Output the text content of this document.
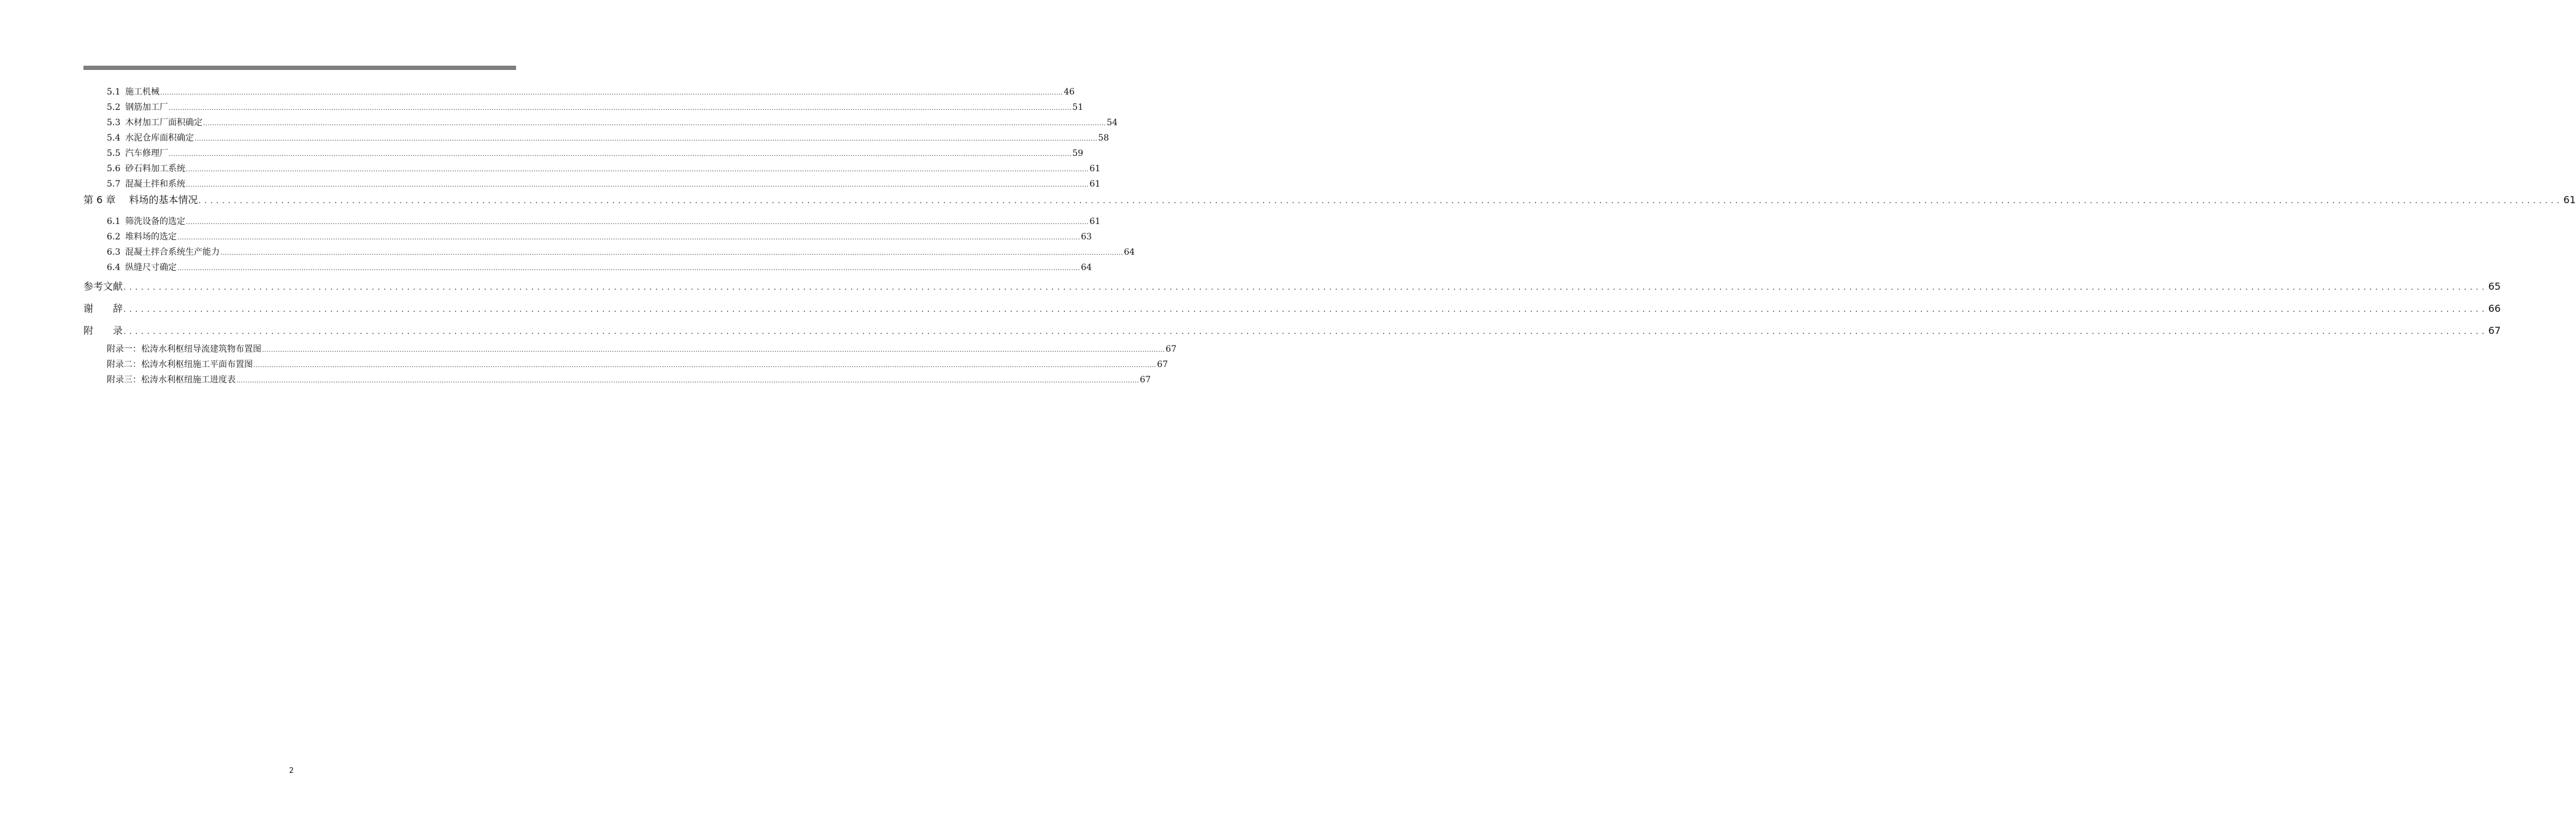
5.1 施工机械 ................................................................................................................................................................................................................................................................................................................................................................................................................ 46
5.2 钢筋加工厂 ................................................................................................................................................................................................................................................................................................................................................................................................................ 51
5.3 木材加工厂面积确定 ................................................................................................................................................................................................................................................................................................................................................................................................................ 54
5.4 水泥仓库面积确定 ................................................................................................................................................................................................................................................................................................................................................................................................................ 58
5.5 汽车修理厂 ................................................................................................................................................................................................................................................................................................................................................................................................................ 59
5.6 砂石料加工系统 ................................................................................................................................................................................................................................................................................................................................................................................................................ 61
5.7 混凝土拌和系统 ................................................................................................................................................................................................................................................................................................................................................................................................................ 61
第 6 章 料场的基本情况 ................................................................................................................................................................................................................................................................................................................................................................................................................ 61
6.1 筛洗设备的选定 ................................................................................................................................................................................................................................................................................................................................................................................................................ 61
6.2 堆料场的选定 ................................................................................................................................................................................................................................................................................................................................................................................................................ 63
6.3 混凝土拌合系统生产能力 ................................................................................................................................................................................................................................................................................................................................................................................................................ 64
6.4 纵缝尺寸确定 ................................................................................................................................................................................................................................................................................................................................................................................................................ 64
参考文献 ................................................................................................................................................................................................................................................................................................................................................................................................................ 65
谢　　辞 ................................................................................................................................................................................................................................................................................................................................................................................................................ 66
附　　录 ................................................................................................................................................................................................................................................................................................................................................................................................................ 67
附录一：松涛水利枢纽导流建筑物布置图 ................................................................................................................................................................................................................................................................................................................................................................................................................ 67
附录二：松涛水利枢纽施工平面布置图 ................................................................................................................................................................................................................................................................................................................................................................................................................ 67
附录三：松涛水利枢纽施工进度表 ................................................................................................................................................................................................................................................................................................................................................................................................................ 67
2
